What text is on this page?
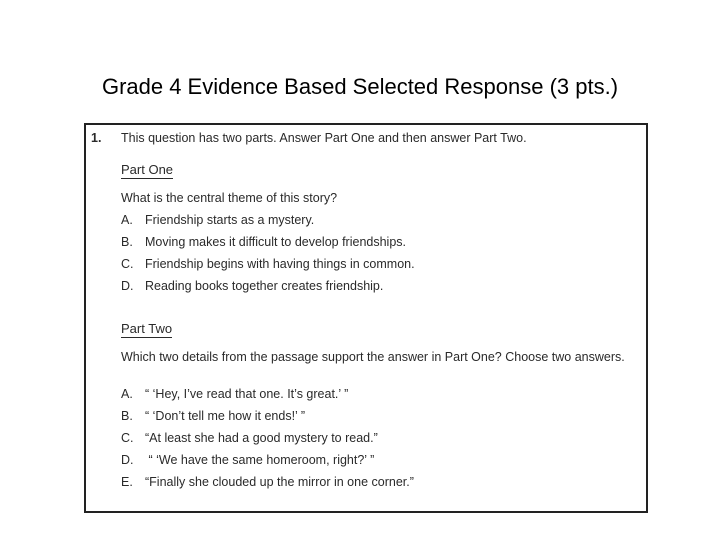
Grade 4 Evidence Based Selected Response (3 pts.)
1. This question has two parts. Answer Part One and then answer Part Two.
Part One
What is the central theme of this story?
A. Friendship starts as a mystery.
B. Moving makes it difficult to develop friendships.
C. Friendship begins with having things in common.
D. Reading books together creates friendship.
Part Two
Which two details from the passage support the answer in Part One? Choose two answers.
A. “ ‘Hey, I’ve read that one. It’s great.’ ”
B. “ ‘Don’t tell me how it ends!’ ”
C. “At least she had a good mystery to read.”
D. “ ‘We have the same homeroom, right?’ ”
E. “Finally she clouded up the mirror in one corner.”
